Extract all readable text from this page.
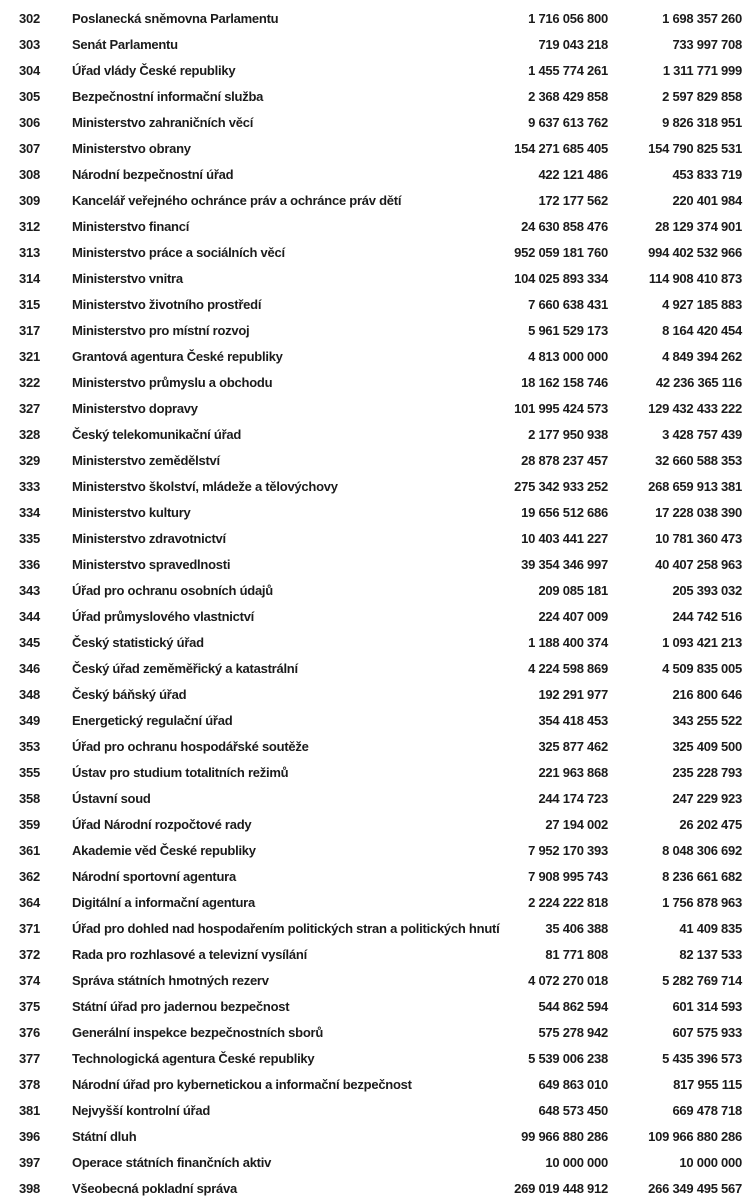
302	Poslanecká sněmovna Parlamentu	1 716 056 800	1 698 357 260
303	Senát Parlamentu	719 043 218	733 997 708
304	Úřad vlády České republiky	1 455 774 261	1 311 771 999
305	Bezpečnostní informační služba	2 368 429 858	2 597 829 858
306	Ministerstvo zahraničních věcí	9 637 613 762	9 826 318 951
307	Ministerstvo obrany	154 271 685 405	154 790 825 531
308	Národní bezpečnostní úřad	422 121 486	453 833 719
309	Kancelář veřejného ochránce práv a ochránce práv dětí	172 177 562	220 401 984
312	Ministerstvo financí	24 630 858 476	28 129 374 901
313	Ministerstvo práce a sociálních věcí	952 059 181 760	994 402 532 966
314	Ministerstvo vnitra	104 025 893 334	114 908 410 873
315	Ministerstvo životního prostředí	7 660 638 431	4 927 185 883
317	Ministerstvo pro místní rozvoj	5 961 529 173	8 164 420 454
321	Grantová agentura České republiky	4 813 000 000	4 849 394 262
322	Ministerstvo průmyslu a obchodu	18 162 158 746	42 236 365 116
327	Ministerstvo dopravy	101 995 424 573	129 432 433 222
328	Český telekomunikační úřad	2 177 950 938	3 428 757 439
329	Ministerstvo zemědělství	28 878 237 457	32 660 588 353
333	Ministerstvo školství, mládeže a tělovýchovy	275 342 933 252	268 659 913 381
334	Ministerstvo kultury	19 656 512 686	17 228 038 390
335	Ministerstvo zdravotnictví	10 403 441 227	10 781 360 473
336	Ministerstvo spravedlnosti	39 354 346 997	40 407 258 963
343	Úřad pro ochranu osobních údajů	209 085 181	205 393 032
344	Úřad průmyslového vlastnictví	224 407 009	244 742 516
345	Český statistický úřad	1 188 400 374	1 093 421 213
346	Český úřad zeměměřický a katastrální	4 224 598 869	4 509 835 005
348	Český báňský úřad	192 291 977	216 800 646
349	Energetický regulační úřad	354 418 453	343 255 522
353	Úřad pro ochranu hospodářské soutěže	325 877 462	325 409 500
355	Ústav pro studium totalitních režimů	221 963 868	235 228 793
358	Ústavní soud	244 174 723	247 229 923
359	Úřad Národní rozpočtové rady	27 194 002	26 202 475
361	Akademie věd České republiky	7 952 170 393	8 048 306 692
362	Národní sportovní agentura	7 908 995 743	8 236 661 682
364	Digitální a informační agentura	2 224 222 818	1 756 878 963
371	Úřad pro dohled nad hospodařením politických stran a politických hnutí	35 406 388	41 409 835
372	Rada pro rozhlasové a televizní vysílání	81 771 808	82 137 533
374	Správa státních hmotných rezerv	4 072 270 018	5 282 769 714
375	Státní úřad pro jadernou bezpečnost	544 862 594	601 314 593
376	Generální inspekce bezpečnostních sborů	575 278 942	607 575 933
377	Technologická agentura České republiky	5 539 006 238	5 435 396 573
378	Národní úřad pro kybernetickou a informační bezpečnost	649 863 010	817 955 115
381	Nejvyšší kontrolní úřad	648 573 450	669 478 718
396	Státní dluh	99 966 880 286	109 966 880 286
397	Operace státních finančních aktiv	10 000 000	10 000 000
398	Všeobecná pokladní správa	269 019 448 912	266 349 495 567
